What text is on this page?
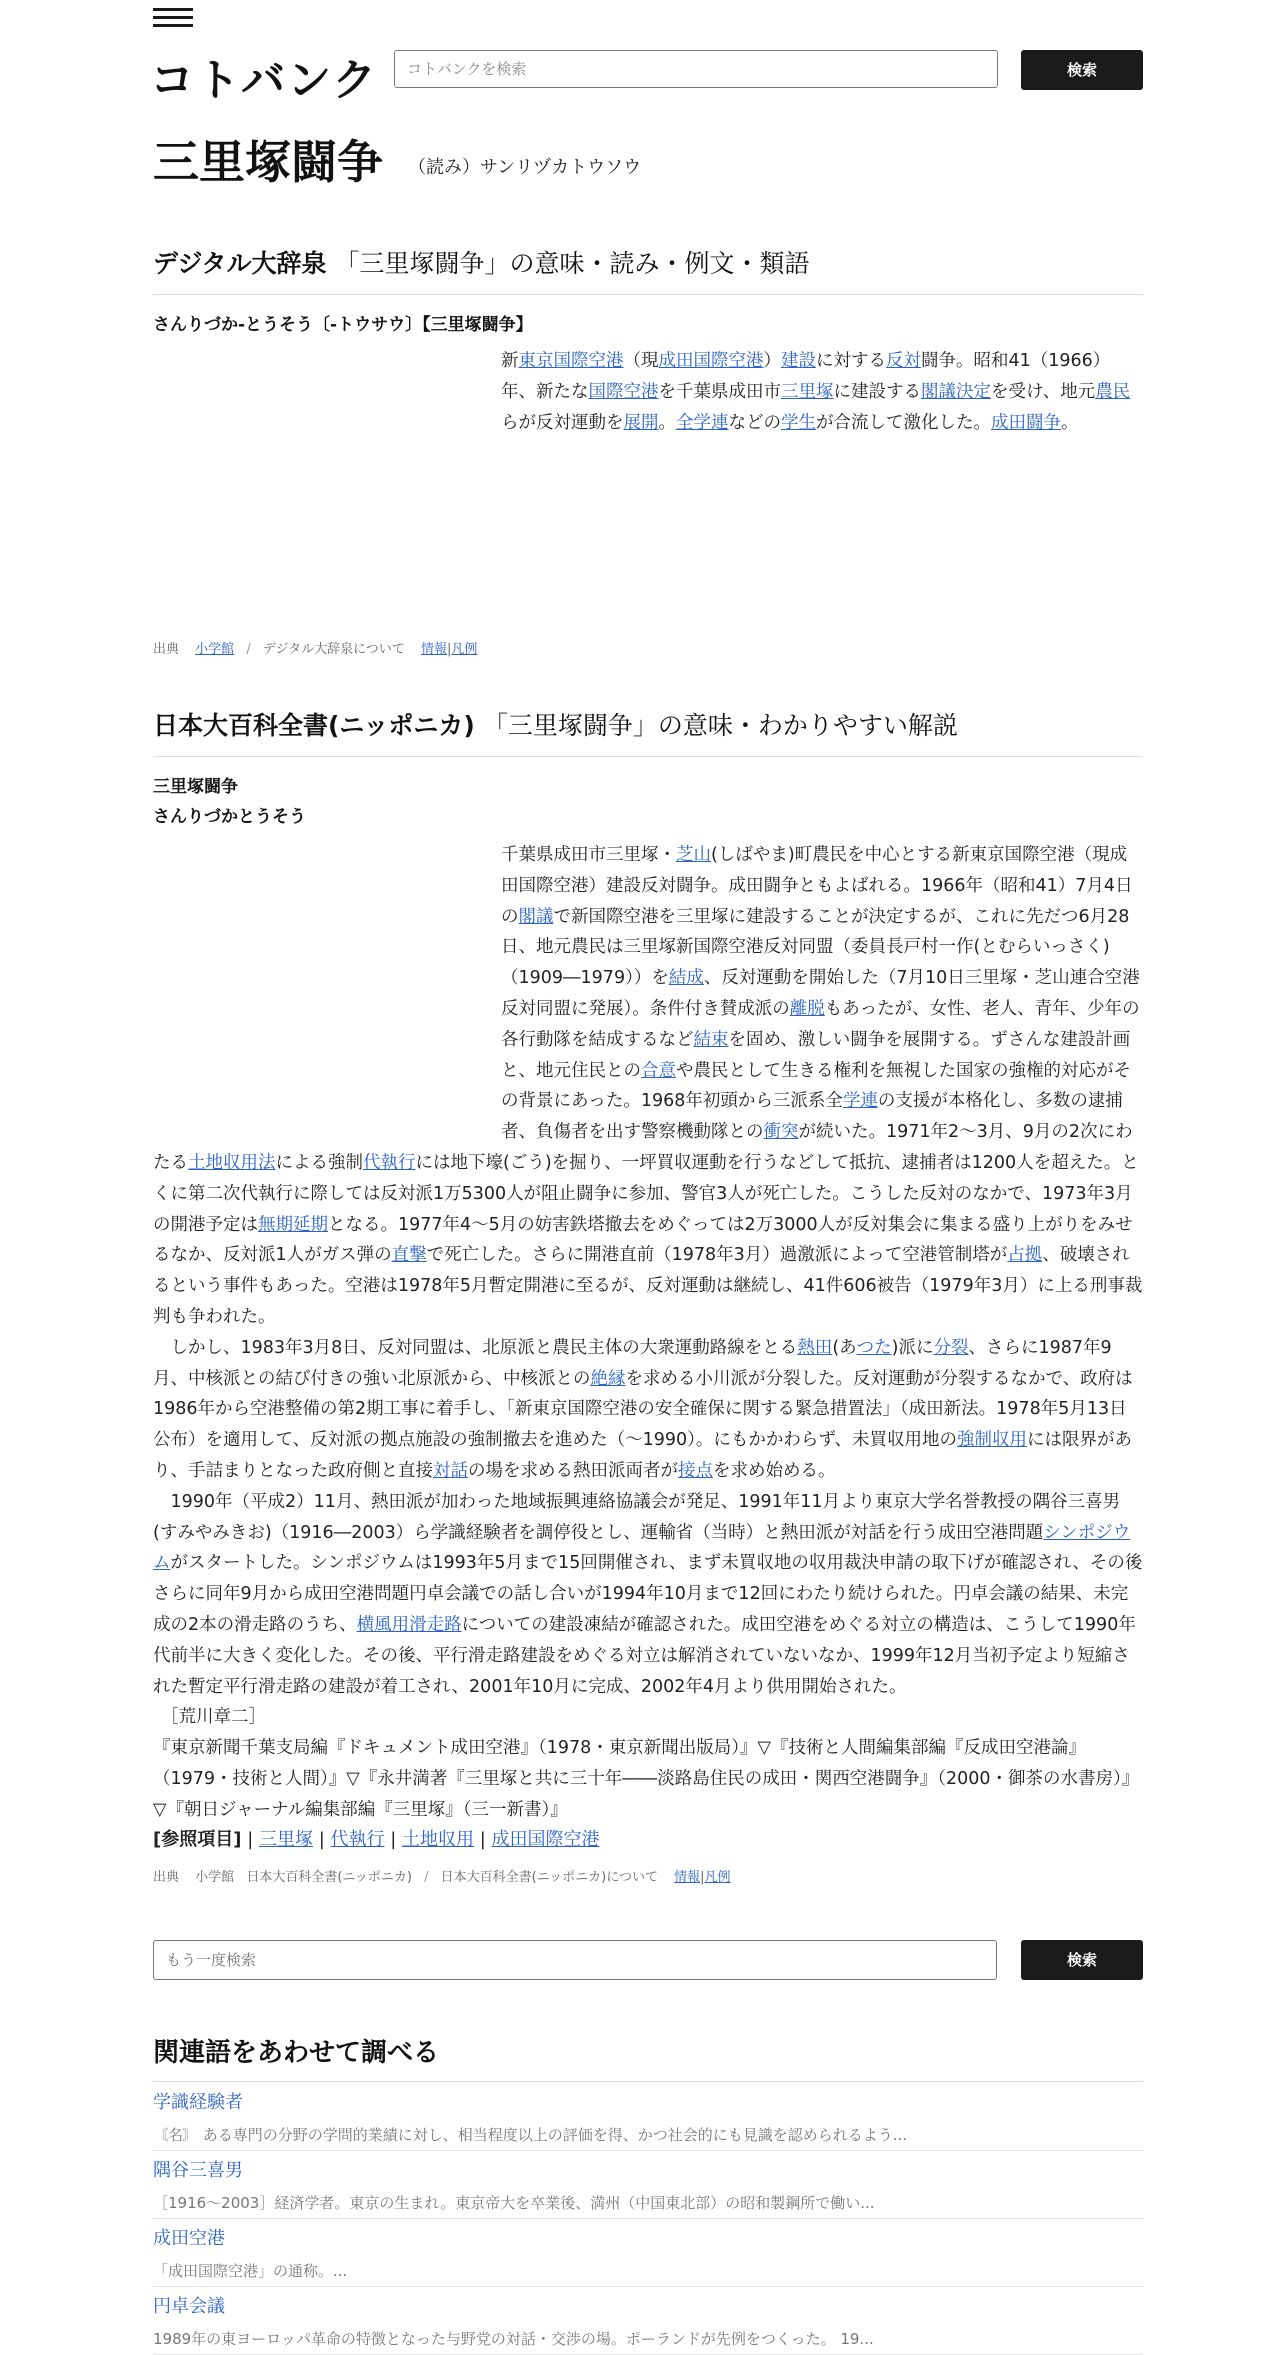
コトバンク
コトバンクを検索	検索
三里塚闘争 （読み）サンリヅカトウソウ
デジタル大辞泉 「三里塚闘争」の意味・読み・例文・類語
さんりづか‐とうそう〔‐トウサウ〕【三里塚闘争】
新東京国際空港（現成田国際空港）建設に対する反対闘争。昭和41（1966）年、新たな国際空港を千葉県成田市三里塚に建設する閣議決定を受け、地元農民らが反対運動を展開。全学連などの学生が合流して激化した。成田闘争。
出典 小学館 / デジタル大辞泉について 情報|凡例
日本大百科全書(ニッポニカ) 「三里塚闘争」の意味・わかりやすい解説
三里塚闘争
さんりづかとうそう
千葉県成田市三里塚・芝山(しばやま)町農民を中心とする新東京国際空港（現成田国際空港）建設反対闘争。成田闘争ともよばれる。1966年（昭和41）7月4日の閣議で新国際空港を三里塚に建設することが決定するが、これに先だつ6月28日、地元農民は三里塚新国際空港反対同盟（委員長戸村一作(とむらいっさく)（1909―1979））を結成、反対運動を開始した（7月10日三里塚・芝山連合空港反対同盟に発展）。条件付き賛成派の離脱もあったが、女性、老人、青年、少年の各行動隊を結成するなど結束を固め、激しい闘争を展開する。ずさんな建設計画と、地元住民との合意や農民として生きる権利を無視した国家の強権的対応がその背景にあった。1968年初頭から三派系全学連の支援が本格化し、多数の逮捕者、負傷者を出す警察機動隊との衝突が続いた。1971年2～3月、9月の2次にわたる土地収用法による強制代執行には地下壕(ごう)を掘り、一坪買収運動を行うなどして抵抗、逮捕者は1200人を超えた。とくに第二次代執行に際しては反対派1万5300人が阻止闘争に参加、警官3人が死亡した。こうした反対のなかで、1973年3月の開港予定は無期延期となる。1977年4～5月の妨害鉄塔撤去をめぐっては2万3000人が反対集会に集まる盛り上がりをみせるなか、反対派1人がガス弾の直撃で死亡した。さらに開港直前（1978年3月）過激派によって空港管制塔が占拠、破壊されるという事件もあった。空港は1978年5月暫定開港に至るが、反対運動は継続し、41件606被告（1979年3月）に上る刑事裁判も争われた。
　しかし、1983年3月8日、反対同盟は、北原派と農民主体の大衆運動路線をとる熱田(あつた)派に分裂、さらに1987年9月、中核派との結び付きの強い北原派から、中核派との絶縁を求める小川派が分裂した。反対運動が分裂するなかで、政府は1986年から空港整備の第2期工事に着手し、「新東京国際空港の安全確保に関する緊急措置法」（成田新法。1978年5月13日公布）を適用して、反対派の拠点施設の強制撤去を進めた（～1990）。にもかかわらず、未買収用地の強制収用には限界があり、手詰まりとなった政府側と直接対話の場を求める熱田派両者が接点を求め始める。
　1990年（平成2）11月、熱田派が加わった地域振興連絡協議会が発足、1991年11月より東京大学名誉教授の隅谷三喜男(すみやみきお)（1916―2003）ら学識経験者を調停役とし、運輸省（当時）と熱田派が対話を行う成田空港問題シンポジウムがスタートした。シンポジウムは1993年5月まで15回開催され、まず未買収地の収用裁決申請の取下げが確認され、その後さらに同年9月から成田空港問題円卓会議での話し合いが1994年10月まで12回にわたり続けられた。円卓会議の結果、未完成の2本の滑走路のうち、横風用滑走路についての建設凍結が確認された。成田空港をめぐる対立の構造は、こうして1990年代前半に大きく変化した。その後、平行滑走路建設をめぐる対立は解消されていないなか、1999年12月当初予定より短縮された暫定平行滑走路の建設が着工され、2001年10月に完成、2002年4月より供用開始された。
［荒川章二］
『東京新聞千葉支局編『ドキュメント成田空港』（1978・東京新聞出版局）』▽『技術と人間編集部編『反成田空港論』（1979・技術と人間）』▽『永井満著『三里塚と共に三十年――淡路島住民の成田・関西空港闘争』（2000・御茶の水書房）』▽『朝日ジャーナル編集部編『三里塚』（三一新書）』
[参照項目] | 三里塚 | 代執行 | 土地収用 | 成田国際空港
出典 小学館 日本大百科全書(ニッポニカ) / 日本大百科全書(ニッポニカ)について 情報|凡例
もう一度検索
検索
関連語をあわせて調べる
学識経験者
〘名〙 ある専門の分野の学問的業績に対し、相当程度以上の評価を得、かつ社会的にも見識を認められるよう...
隅谷三喜男
［1916～2003］経済学者。東京の生まれ。東京帝大を卒業後、満州（中国東北部）の昭和製鋼所で働い...
成田空港
「成田国際空港」の通称。...
円卓会議
1989年の東ヨーロッパ革命の特徴となった与野党の対話・交渉の場。ポーランドが先例をつくった。 19...
